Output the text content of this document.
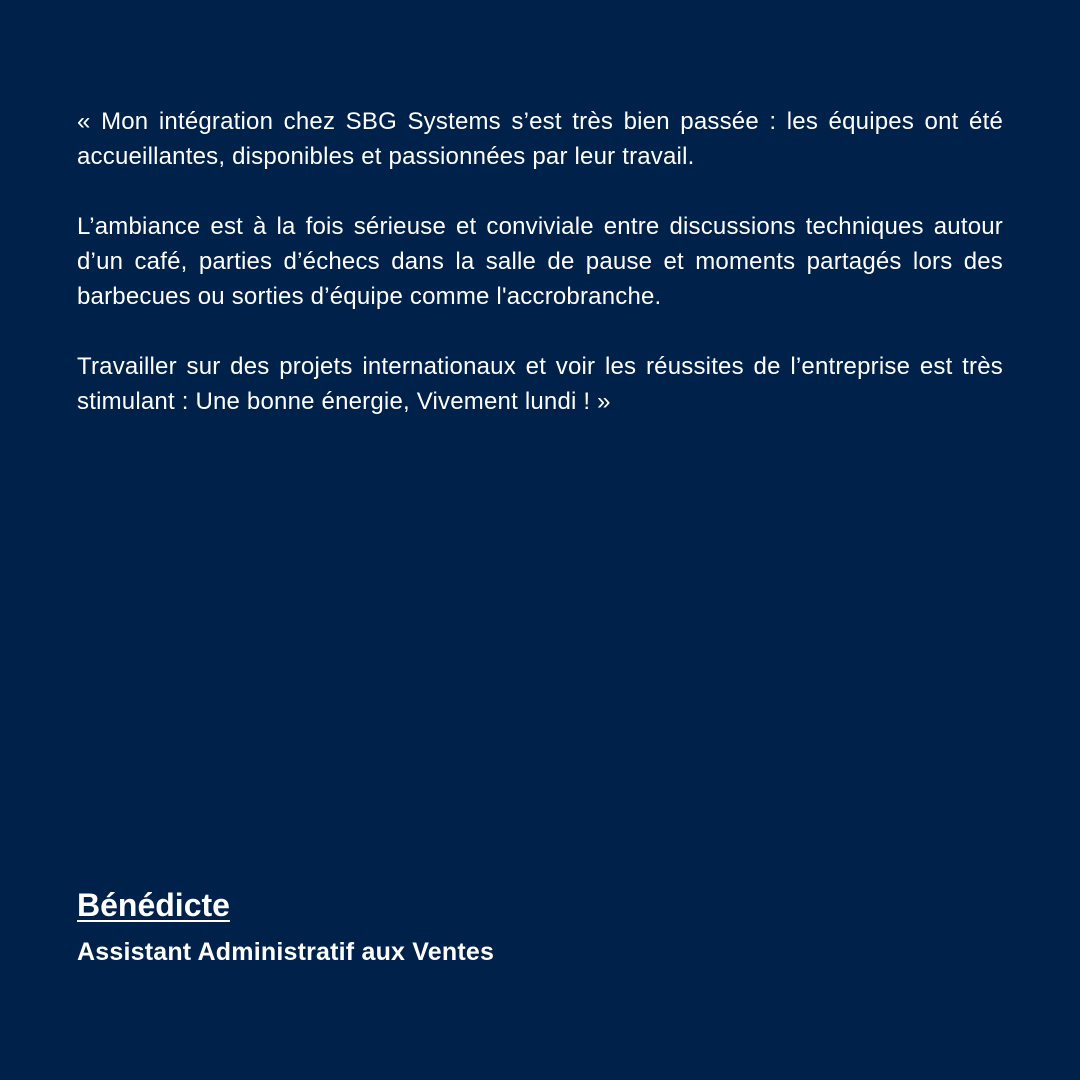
« Mon intégration chez SBG Systems s’est très bien passée : les équipes ont été accueillantes, disponibles et passionnées par leur travail.

L’ambiance est à la fois sérieuse et conviviale entre discussions techniques autour d’un café, parties d’échecs dans la salle de pause et moments partagés lors des barbecues ou sorties d’équipe comme l'accrobranche.

Travailler sur des projets internationaux et voir les réussites de l’entreprise est très stimulant : Une bonne énergie, Vivement lundi ! »

Bénédicte
Assistant Administratif aux Ventes
